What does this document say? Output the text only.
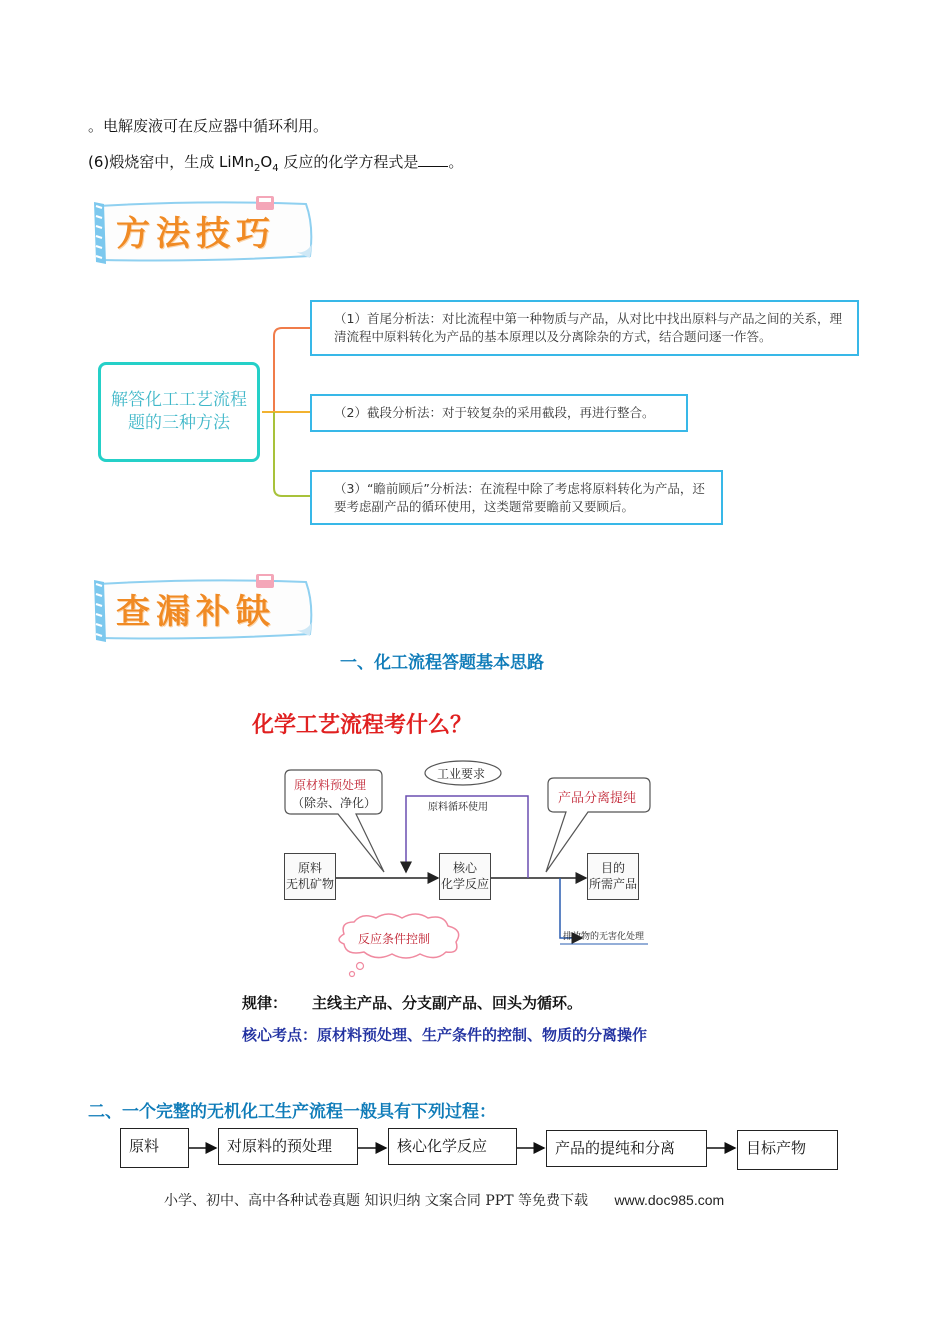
。电解废液可在反应器中循环利用。
(6)煅烧窑中，生成 $LiMn_2O_4$ 反应的化学方程式是 。
方法技巧
解答化工工艺流程题的三种方法
（1）首尾分析法：对比流程中第一种物质与产品，从对比中找出原料与产品之间的关系，理清流程中原料转化为产品的基本原理以及分离除杂的方式，结合题问逐一作答。
（2）截段分析法：对于较复杂的采用截段，再进行整合。
（3）“瞻前顾后”分析法：在流程中除了考虑将原料转化为产品，还要考虑副产品的循环使用，这类题常要瞻前又要顾后。
查漏补缺
一、化工流程答题基本思路
化学工艺流程考什么？
原材料预处理
（除杂、净化）
工业要求
原料循环使用
产品分离提纯
原料
无机矿物
核心
化学反应
目的
所需产品
排放物的无害化处理
反应条件控制
规律： 主线主产品、分支副产品、回头为循环。
核心考点：原材料预处理、生产条件的控制、物质的分离操作
二、一个完整的无机化工生产流程一般具有下列过程：
原料	对原料的预处理	核心化学反应	产品的提纯和分离	目标产物
小学、初中、高中各种试卷真题 知识归纳 文案合同 PPT 等免费下载 www.doc985.com
